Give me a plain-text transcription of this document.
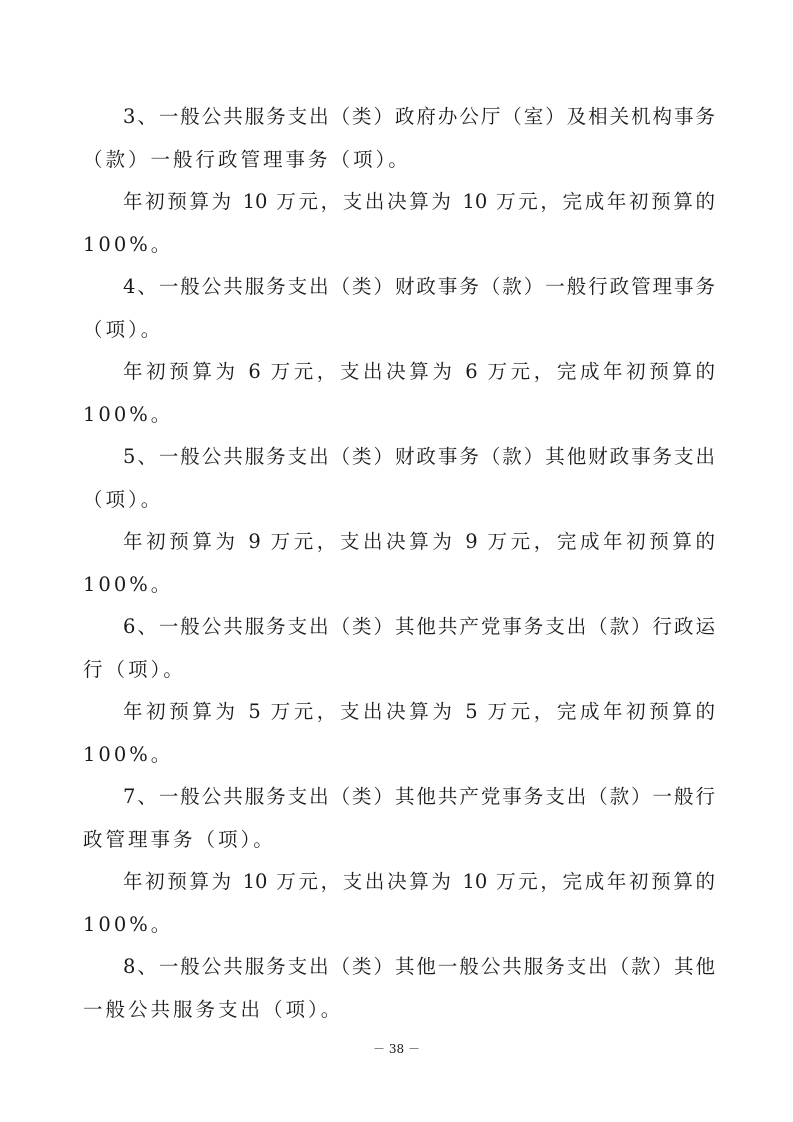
3、一般公共服务支出（类）政府办公厅（室）及相关机构事务
（款）一般行政管理事务（项）。
年初预算为 10 万元，支出决算为 10 万元，完成年初预算的
100%。
4、一般公共服务支出（类）财政事务（款）一般行政管理事务
（项）。
年初预算为 6 万元，支出决算为 6 万元，完成年初预算的
100%。
5、一般公共服务支出（类）财政事务（款）其他财政事务支出
（项）。
年初预算为 9 万元，支出决算为 9 万元，完成年初预算的
100%。
6、一般公共服务支出（类）其他共产党事务支出（款）行政运
行（项）。
年初预算为 5 万元，支出决算为 5 万元，完成年初预算的
100%。
7、一般公共服务支出（类）其他共产党事务支出（款）一般行
政管理事务（项）。
年初预算为 10 万元，支出决算为 10 万元，完成年初预算的
100%。
8、一般公共服务支出（类）其他一般公共服务支出（款）其他
一般公共服务支出（项）。
－ 38 －
